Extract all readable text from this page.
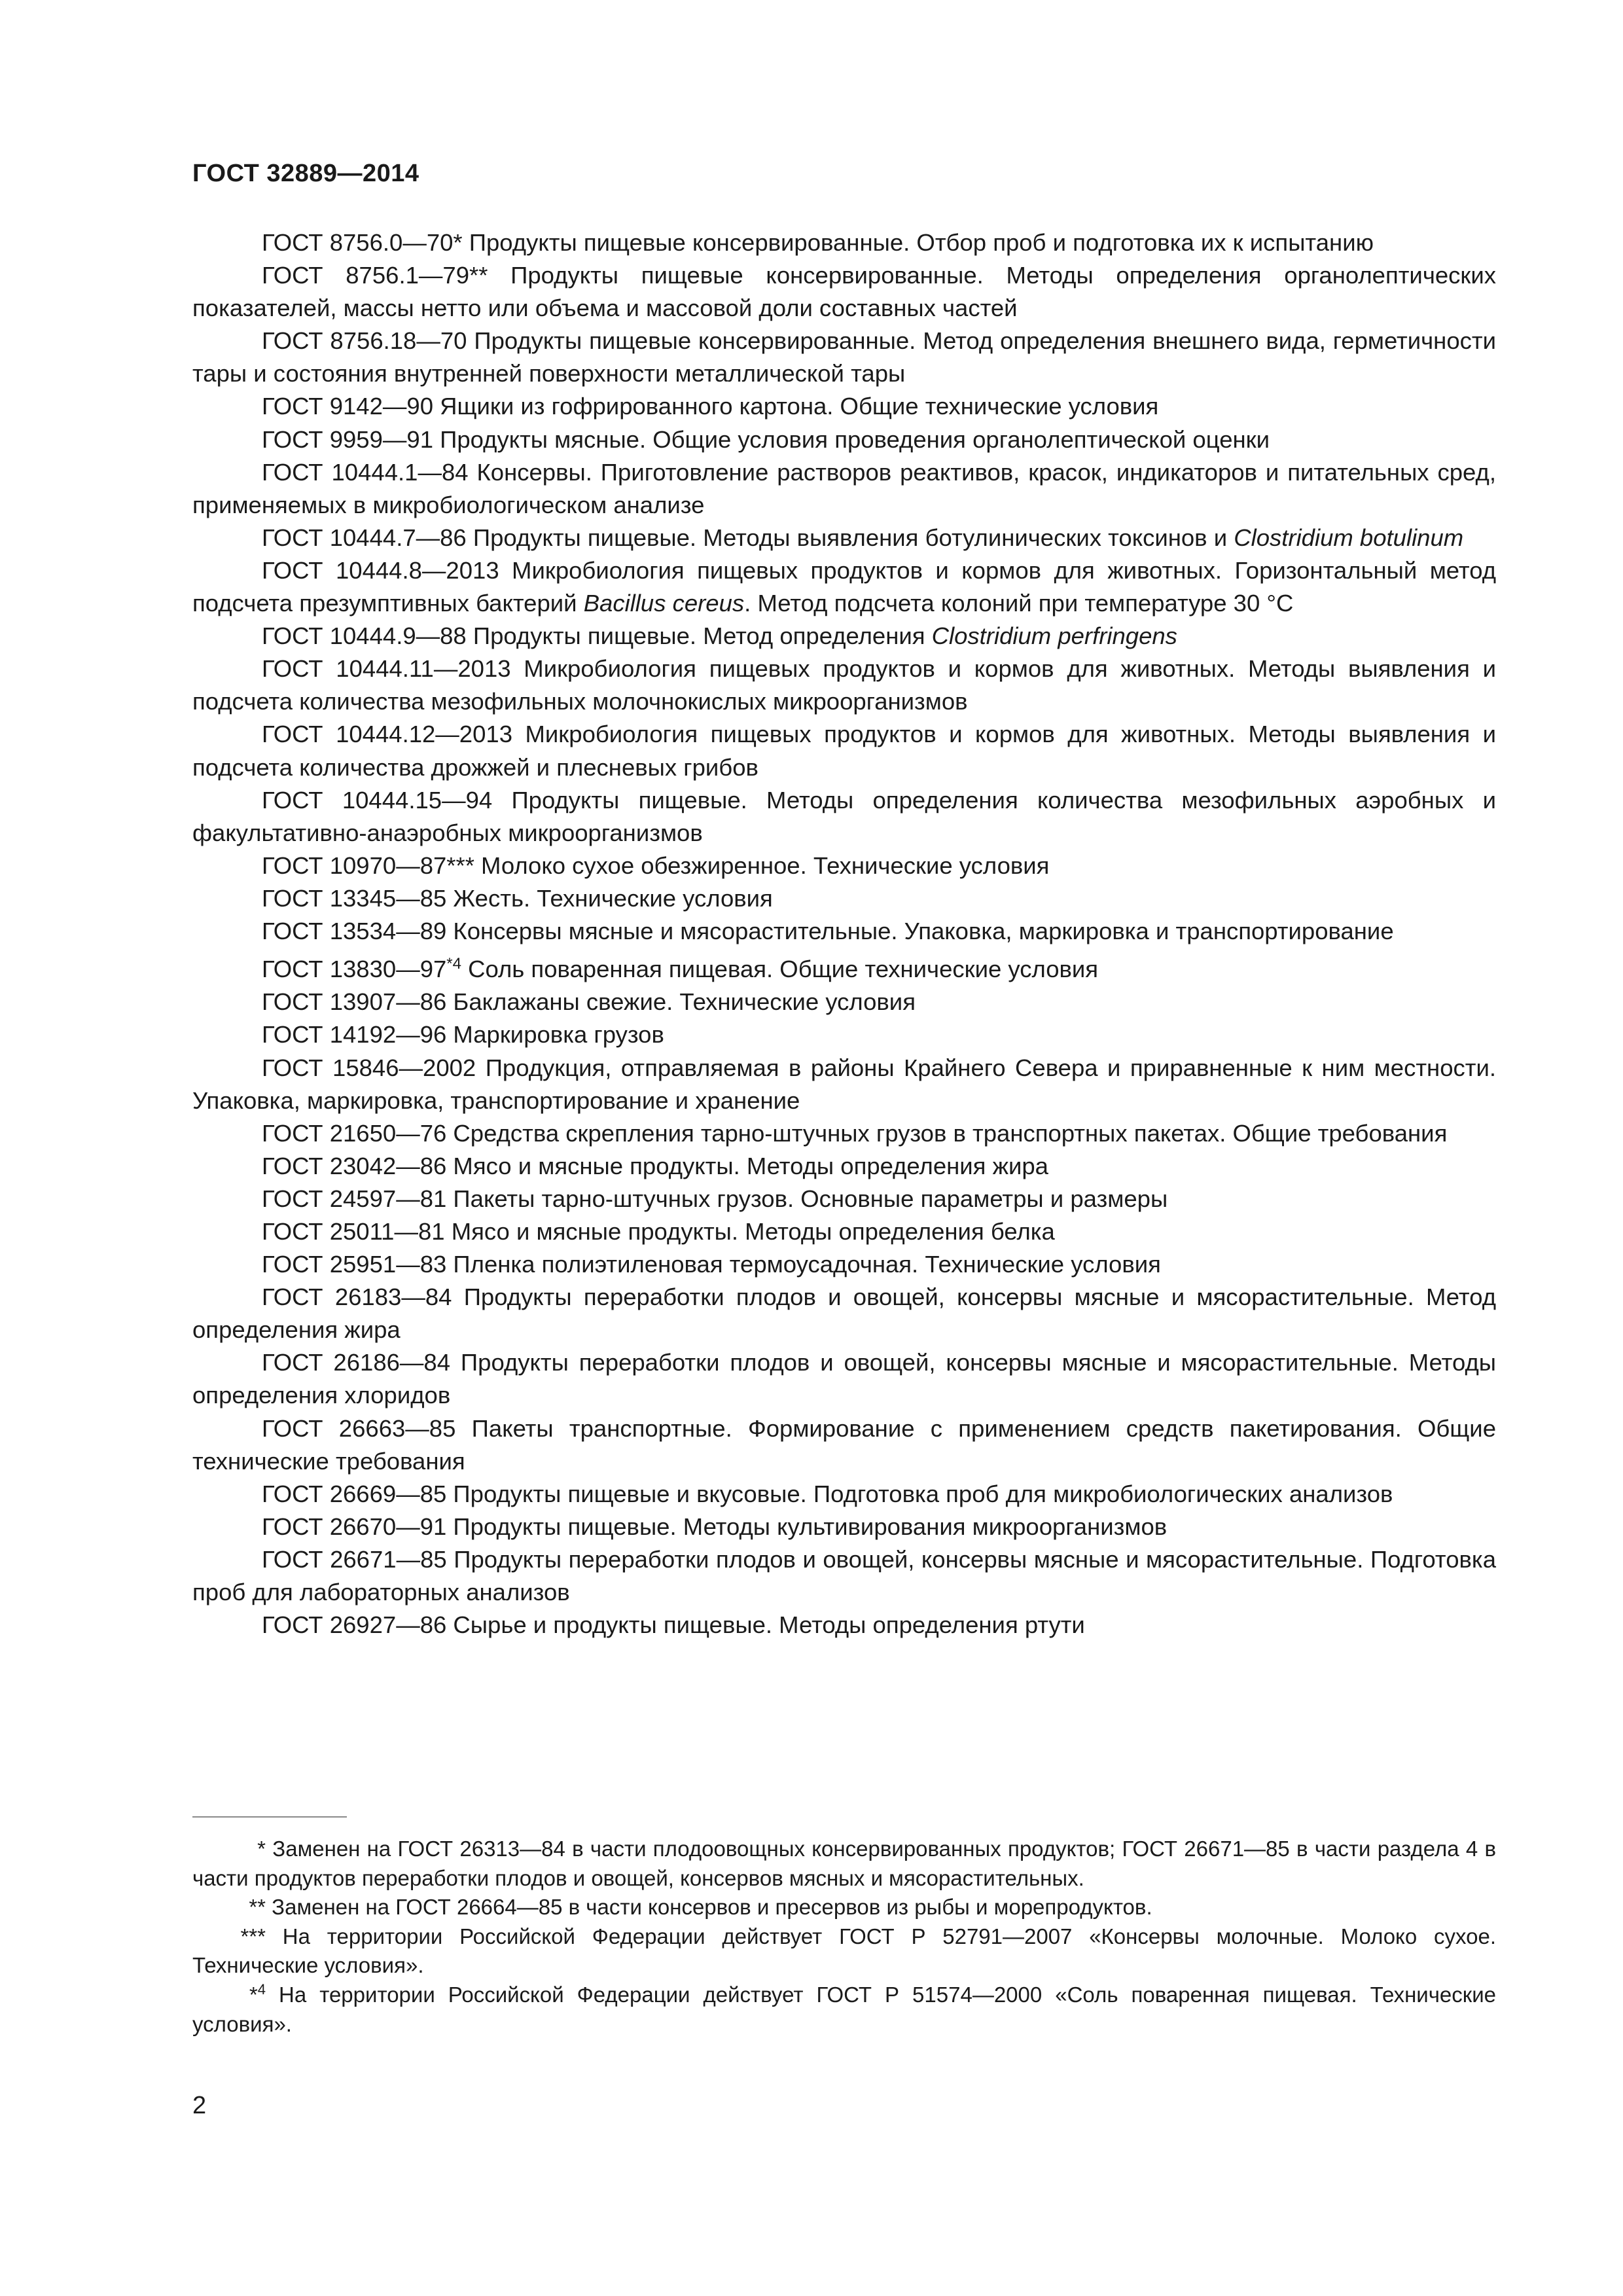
ГОСТ 32889—2014

ГОСТ 8756.0—70* Продукты пищевые консервированные. Отбор проб и подготовка их к испытанию

ГОСТ 8756.1—79** Продукты пищевые консервированные. Методы определения органолептических показателей, массы нетто или объема и массовой доли составных частей

ГОСТ 8756.18—70 Продукты пищевые консервированные. Метод определения внешнего вида, герметичности тары и состояния внутренней поверхности металлической тары

ГОСТ 9142—90 Ящики из гофрированного картона. Общие технические условия

ГОСТ 9959—91 Продукты мясные. Общие условия проведения органолептической оценки

ГОСТ 10444.1—84 Консервы. Приготовление растворов реактивов, красок, индикаторов и питательных сред, применяемых в микробиологическом анализе

ГОСТ 10444.7—86 Продукты пищевые. Методы выявления ботулинических токсинов и Clostridium botulinum

ГОСТ 10444.8—2013 Микробиология пищевых продуктов и кормов для животных. Горизонтальный метод подсчета презумптивных бактерий Bacillus cereus. Метод подсчета колоний при температуре 30 °С

ГОСТ 10444.9—88 Продукты пищевые. Метод определения Clostridium perfringens

ГОСТ 10444.11—2013 Микробиология пищевых продуктов и кормов для животных. Методы выявления и подсчета количества мезофильных молочнокислых микроорганизмов

ГОСТ 10444.12—2013 Микробиология пищевых продуктов и кормов для животных. Методы выявления и подсчета количества дрожжей и плесневых грибов

ГОСТ 10444.15—94 Продукты пищевые. Методы определения количества мезофильных аэробных и факультативно-анаэробных микроорганизмов

ГОСТ 10970—87*** Молоко сухое обезжиренное. Технические условия

ГОСТ 13345—85 Жесть. Технические условия

ГОСТ 13534—89 Консервы мясные и мясорастительные. Упаковка, маркировка и транспортирование

ГОСТ 13830—97$^{*4}$ Соль поваренная пищевая. Общие технические условия

ГОСТ 13907—86 Баклажаны свежие. Технические условия

ГОСТ 14192—96 Маркировка грузов

ГОСТ 15846—2002 Продукция, отправляемая в районы Крайнего Севера и приравненные к ним местности. Упаковка, маркировка, транспортирование и хранение

ГОСТ 21650—76 Средства скрепления тарно-штучных грузов в транспортных пакетах. Общие требования

ГОСТ 23042—86 Мясо и мясные продукты. Методы определения жира

ГОСТ 24597—81 Пакеты тарно-штучных грузов. Основные параметры и размеры

ГОСТ 25011—81 Мясо и мясные продукты. Методы определения белка

ГОСТ 25951—83 Пленка полиэтиленовая термоусадочная. Технические условия

ГОСТ 26183—84 Продукты переработки плодов и овощей, консервы мясные и мясорастительные. Метод определения жира

ГОСТ 26186—84 Продукты переработки плодов и овощей, консервы мясные и мясорастительные. Методы определения хлоридов

ГОСТ 26663—85 Пакеты транспортные. Формирование с применением средств пакетирования. Общие технические требования

ГОСТ 26669—85 Продукты пищевые и вкусовые. Подготовка проб для микробиологических анализов

ГОСТ 26670—91 Продукты пищевые. Методы культивирования микроорганизмов

ГОСТ 26671—85 Продукты переработки плодов и овощей, консервы мясные и мясорастительные. Подготовка проб для лабораторных анализов

ГОСТ 26927—86 Сырье и продукты пищевые. Методы определения ртути

* Заменен на ГОСТ 26313—84 в части плодоовощных консервированных продуктов; ГОСТ 26671—85 в части раздела 4 в части продуктов переработки плодов и овощей, консервов мясных и мясорастительных.

** Заменен на ГОСТ 26664—85 в части консервов и пресервов из рыбы и морепродуктов.

*** На территории Российской Федерации действует ГОСТ Р 52791—2007 «Консервы молочные. Молоко сухое. Технические условия».

*$^4$ На территории Российской Федерации действует ГОСТ Р 51574—2000 «Соль поваренная пищевая. Технические условия».

2
